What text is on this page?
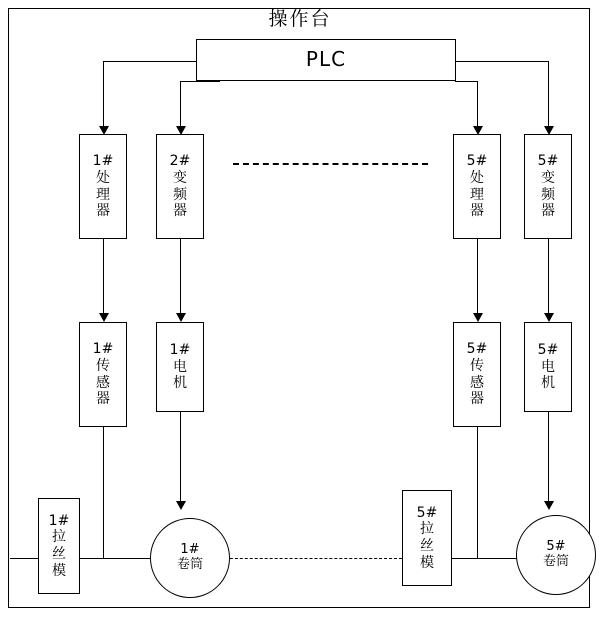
操作台
PLC
1#
处
理
器
2#
变
频
器
5#
处
理
器
5#
变
频
器
1#
传
感
器
1#
电
机
5#
传
感
器
5#
电
机
1#
拉
丝
模
5#
拉
丝
模
1#
卷筒
5#
卷筒
